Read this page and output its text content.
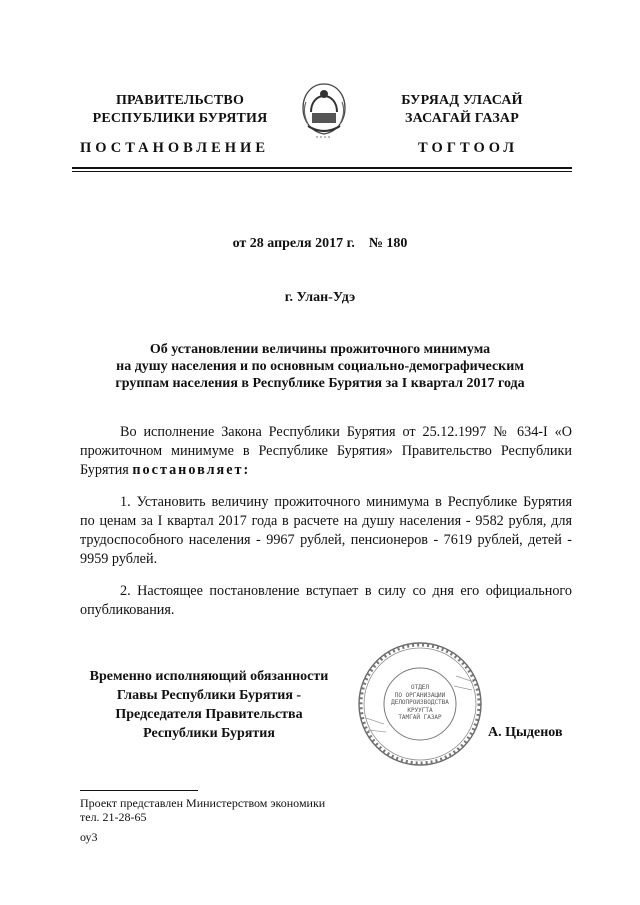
ПРАВИТЕЛЬСТВО
РЕСПУБЛИКИ БУРЯТИЯ
БУРЯАД УЛАСАЙ
ЗАСАГАЙ ГАЗАР
ПОСТАНОВЛЕНИЕ	ТОГТООЛ
от 28 апреля 2017 г.    № 180
г. Улан-Удэ
Об установлении величины прожиточного минимума
на душу населения и по основным социально-демографическим
группам населения в Республике Бурятия за I квартал 2017 года
Во исполнение Закона Республики Бурятия от 25.12.1997 № 634-I «О прожиточном минимуме в Республике Бурятия» Правительство Республики Бурятия постановляет:
1. Установить величину прожиточного минимума в Республике Бурятия по ценам за I квартал 2017 года в расчете на душу населения - 9582 рубля, для трудоспособного населения - 9967 рублей, пенсионеров - 7619 рублей, детей - 9959 рублей.
2. Настоящее постановление вступает в силу со дня его официального опубликования.
Временно исполняющий обязанности
Главы Республики Бурятия -
Председателя Правительства
Республики Бурятия
ОТДЕЛ
ПО ОРГАНИЗАЦИИ
ДЕЛОПРОИЗВОДСТВА
КРУУГТА
ТАМГАЙ ГАЗАР
А. Цыденов
Проект представлен Министерством экономики
тел. 21-28-65
оу3
